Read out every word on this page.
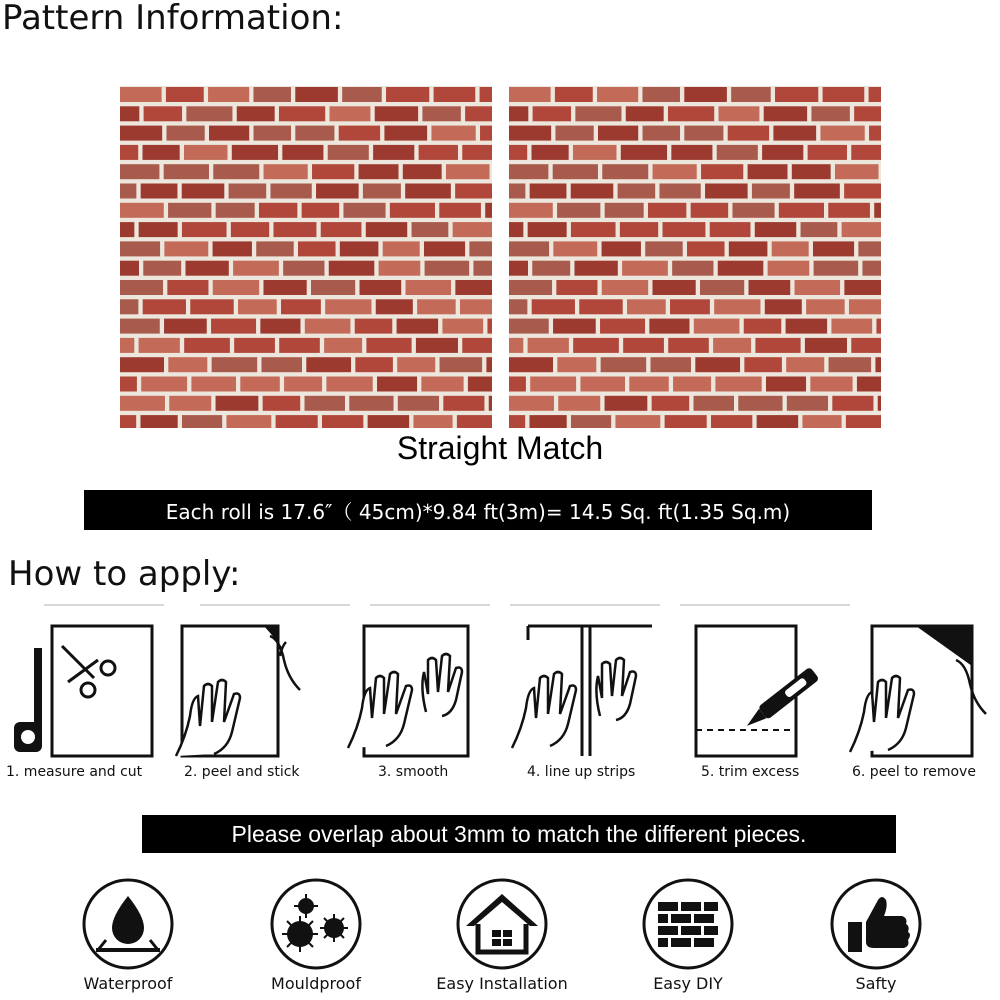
Pattern Information:
Straight Match
Each roll is 17.6″（ 45cm)*9.84 ft(3m)= 14.5 Sq. ft(1.35 Sq.m)
How to apply:
1. measure and cut	2. peel and stick	3. smooth	4. line up strips	5. trim excess	6. peel to remove
Please overlap about 3mm to match the different pieces.
Waterproof	Mouldproof	Easy Installation	Easy DIY	Safty
